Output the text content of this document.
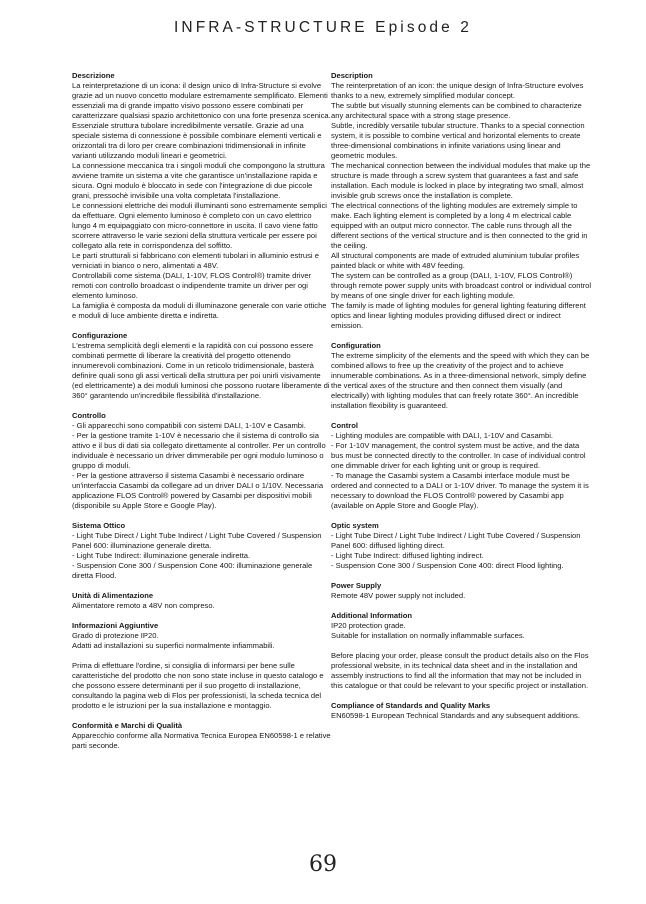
INFRA-STRUCTURE Episode 2
Descrizione
La reinterpretazione di un icona: il design unico di Infra-Structure si evolve grazie ad un nuovo concetto modulare estremamente semplificato. Elementi essenziali ma di grande impatto visivo possono essere combinati per caratterizzare qualsiasi spazio architettonico con una forte presenza scenica.
Essenziale struttura tubolare incredibilmente versatile. Grazie ad una speciale sistema di connessione è possibile combinare elementi verticali e orizzontali tra di loro per creare combinazioni tridimensionali in infinite varianti utilizzando moduli lineari e geometrici.
La connessione meccanica tra i singoli moduli che compongono la struttura avviene tramite un sistema a vite che garantisce un'installazione rapida e sicura. Ogni modulo è bloccato in sede con l'integrazione di due piccole grani, pressochè invisibile una volta completata l'installazione.
Le connessioni elettriche dei moduli illuminanti sono estremamente semplici da effettuare. Ogni elemento luminoso è completo con un cavo elettrico lungo 4 m equipaggiato con micro-connettore in uscita. Il cavo viene fatto scorrere attraverso le varie sezioni della struttura verticale per essere poi collegato alla rete in corrispondenza del soffitto.
Le parti strutturali si fabbricano con elementi tubolari in alluminio estrusi e verniciati in bianco o nero, alimentati a 48V.
Controllabili come sistema (DALI, 1-10V, FLOS Control®) tramite driver remoti con controllo broadcast o indipendente tramite un driver per ogi elemento luminoso.
La famiglia è composta da moduli di illuminazone generale con varie ottiche e moduli di luce ambiente diretta e indiretta.
Configurazione
L'estrema semplicità degli elementi e la rapidità con cui possono essere combinati permette di liberare la creatività del progetto ottenendo innumerevoli combinazioni. Come in un reticolo tridimensionale, basterà definire quali sono gli assi verticali della struttura per poi unirli visivamente (ed elettricamente) a dei moduli luminosi che possono ruotare liberamente di 360° garantendo un'incredibile flessibilità d'installazione.
Controllo
- Gli apparecchi sono compatibili con sistemi DALI, 1-10V e Casambi.
- Per la gestione tramite 1-10V è necessario che il sistema di controllo sia attivo e il bus di dati sia collegato direttamente al controller. Per un controllo individuale è necessario un driver dimmerabile per ogni modulo luminoso o gruppo di moduli.
- Per la gestione attraverso il sistema Casambi è necessario ordinare un'interfaccia Casambi da collegare ad un driver DALI o 1/10V. Necessaria applicazione FLOS Control® powered by Casambi per dispositivi mobili (disponibile su Apple Store e Google Play).
Sistema Ottico
- Light Tube Direct / Light Tube Indirect / Light Tube Covered / Suspension Panel 600: illuminazione generale diretta.
- Light Tube Indirect: illuminazione generale indiretta.
- Suspension Cone 300 / Suspension Cone 400: illuminazione generale diretta Flood.
Unità di Alimentazione
Alimentatore remoto a 48V non compreso.
Informazioni Aggiuntive
Grado di protezione IP20.
Adatti ad installazioni su superfici normalmente infiammabili.
Prima di effettuare l'ordine, si consiglia di informarsi per bene sulle caratteristiche del prodotto che non sono state incluse in questo catalogo e che possono essere determinanti per il suo progetto di installazione, consultando la pagina web di Flos per professionisti, la scheda tecnica del prodotto e le istruzioni per la sua installazione e montaggio.
Conformità e Marchi di Qualità
Apparecchio conforme alla Normativa Tecnica Europea EN60598-1 e relative parti seconde.
Description
The reinterpretation of an icon: the unique design of Infra-Structure evolves thanks to a new, extremely simplified modular concept.
The subtle but visually stunning elements can be combined to characterize any architectural space with a strong stage presence.
Subtle, incredibly versatile tubular structure. Thanks to a special connection system, it is possible to combine vertical and horizontal elements to create three-dimensional combinations in infinite variations using linear and geometric modules.
The mechanical connection between the individual modules that make up the structure is made through a screw system that guarantees a fast and safe installation. Each module is locked in place by integrating two small, almost invisible grub screws once the installation is complete.
The electrical connections of the lighting modules are extremely simple to make. Each lighting element is completed by a long 4 m electrical cable equipped with an output micro connector. The cable runs through all the different sections of the vertical structure and is then connected to the grid in the ceiling.
All structural components are made of extruded aluminium tubular profiles painted black or white with 48V feeding.
The system can be controlled as a group (DALI, 1-10V, FLOS Control®) through remote power supply units with broadcast control or individual control by means of one single driver for each lighting module.
The family is made of lighting modules for general lighting featuring different optics and linear lighting modules providing diffused direct or indirect emission.
Configuration
The extreme simplicity of the elements and the speed with which they can be combined allows to free up the creativity of the project and to achieve innumerable combinations. As in a three-dimensional network, simply define the vertical axes of the structure and then connect them visually (and electrically) with lighting modules that can freely rotate 360°. An incredible installation flexibility is guaranteed.
Control
- Lighting modules are compatible with DALI, 1-10V and Casambi.
- For 1-10V management, the control system must be active, and the data bus must be connected directly to the controller. In case of individual control one dimmable driver for each lighting unit or group is required.
- To manage the Casambi system a Casambi interface module must be ordered and connected to a DALI or 1-10V driver. To manage the system it is necessary to download the FLOS Control® powered by Casambi app (available on Apple Store and Google Play).
Optic system
- Light Tube Direct / Light Tube Indirect / Light Tube Covered / Suspension Panel 600: diffused lighting direct.
- Light Tube Indirect: diffused lighting indirect.
- Suspension Cone 300 / Suspension Cone 400: direct Flood lighting.
Power Supply
Remote 48V power supply not included.
Additional Information
IP20 protection grade.
Suitable for installation on normally inflammable surfaces.
Before placing your order, please consult the product details also on the Flos professional website, in its technical data sheet and in the installation and assembly instructions to find all the information that may not be included in this catalogue or that could be relevant to your specific project or installation.
Compliance of Standards and Quality Marks
EN60598-1 European Technical Standards and any subsequent additions.
69
